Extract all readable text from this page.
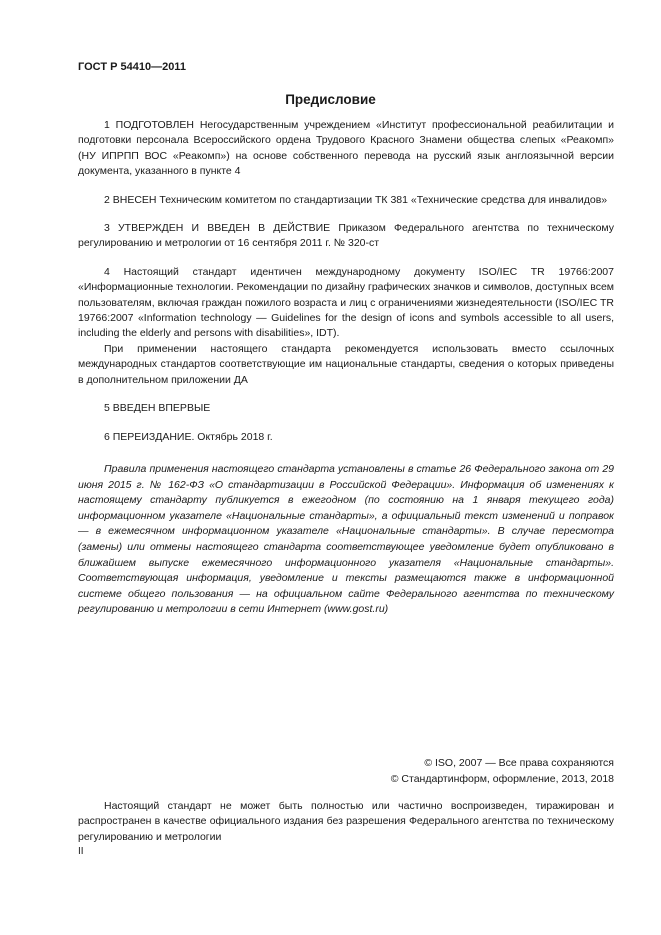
ГОСТ Р 54410—2011
Предисловие

1 ПОДГОТОВЛЕН Негосударственным учреждением «Институт профессиональной реабилитации и подготовки персонала Всероссийского ордена Трудового Красного Знамени общества слепых «Реакомп» (НУ ИПРПП ВОС «Реакомп») на основе собственного перевода на русский язык англоязычной версии документа, указанного в пункте 4

2 ВНЕСЕН Техническим комитетом по стандартизации ТК 381 «Технические средства для инвалидов»

3 УТВЕРЖДЕН И ВВЕДЕН В ДЕЙСТВИЕ Приказом Федерального агентства по техническому регулированию и метрологии от 16 сентября 2011 г. № 320-ст

4 Настоящий стандарт идентичен международному документу ISO/IEC TR 19766:2007 «Информационные технологии. Рекомендации по дизайну графических значков и символов, доступных всем пользователям, включая граждан пожилого возраста и лиц с ограничениями жизнедеятельности (ISO/IEC TR 19766:2007 «Information technology — Guidelines for the design of icons and symbols accessible to all users, including the elderly and persons with disabilities», IDT).

При применении настоящего стандарта рекомендуется использовать вместо ссылочных международных стандартов соответствующие им национальные стандарты, сведения о которых приведены в дополнительном приложении ДА

5 ВВЕДЕН ВПЕРВЫЕ

6 ПЕРЕИЗДАНИЕ. Октябрь 2018 г.

Правила применения настоящего стандарта установлены в статье 26 Федерального закона от 29 июня 2015 г. № 162-ФЗ «О стандартизации в Российской Федерации». Информация об изменениях к настоящему стандарту публикуется в ежегодном (по состоянию на 1 января текущего года) информационном указателе «Национальные стандарты», а официальный текст изменений и поправок — в ежемесячном информационном указателе «Национальные стандарты». В случае пересмотра (замены) или отмены настоящего стандарта соответствующее уведомление будет опубликовано в ближайшем выпуске ежемесячного информационного указателя «Национальные стандарты». Соответствующая информация, уведомление и тексты размещаются также в информационной системе общего пользования — на официальном сайте Федерального агентства по техническому регулированию и метрологии в сети Интернет (www.gost.ru)

© ISO, 2007 — Все права сохраняются
© Стандартинформ, оформление, 2013, 2018

Настоящий стандарт не может быть полностью или частично воспроизведен, тиражирован и распространен в качестве официального издания без разрешения Федерального агентства по техническому регулированию и метрологии

II
